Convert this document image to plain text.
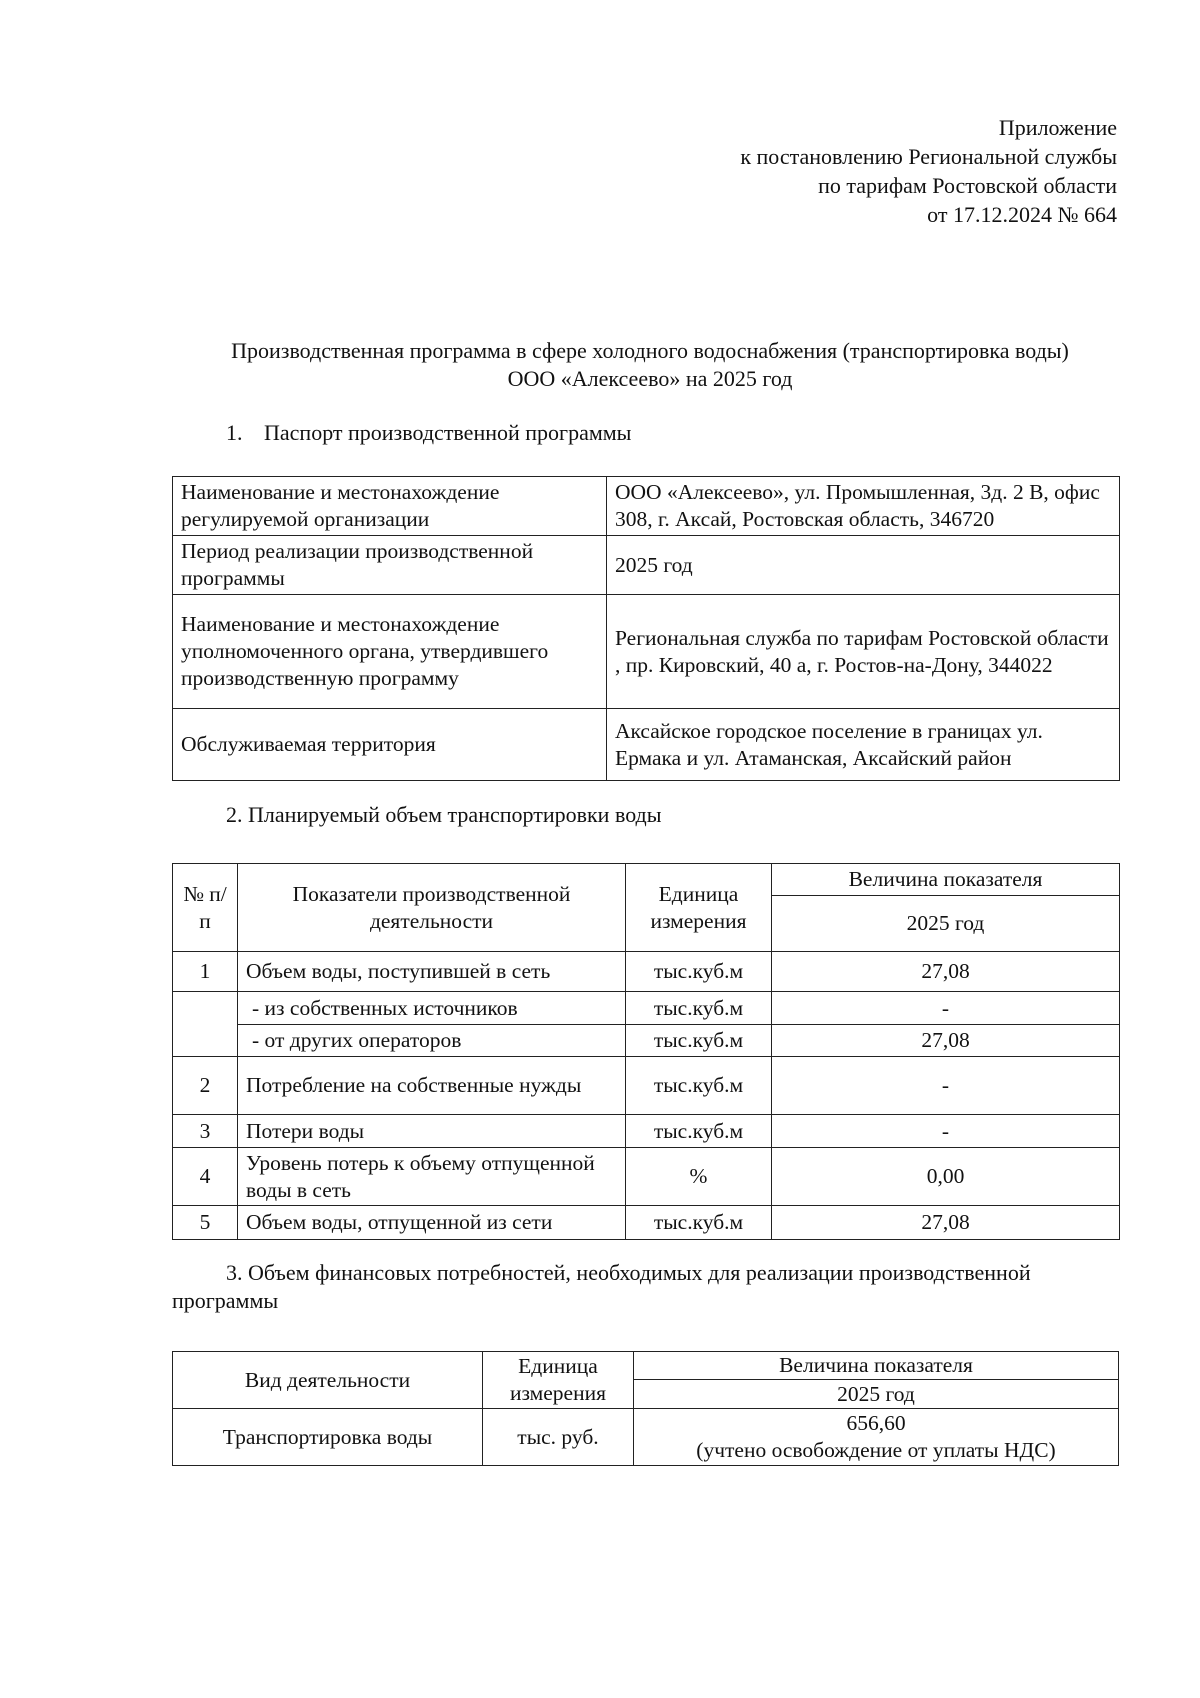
Приложение
к постановлению Региональной службы
по тарифам Ростовской области
от 17.12.2024 № 664
Производственная программа в сфере холодного водоснабжения (транспортировка воды)
ООО «Алексеево» на 2025 год
1. Паспорт производственной программы
Наименование и местонахождение регулируемой организации	ООО «Алексеево», ул. Промышленная, 3д. 2 В, офис 308, г. Аксай, Ростовская область, 346720
Период реализации производственной программы	2025 год
Наименование и местонахождение уполномоченного органа, утвердившего производственную программу	Региональная служба по тарифам Ростовской области , пр. Кировский, 40 а, г. Ростов-на-Дону, 344022
Обслуживаемая территория	Аксайское городское поселение в границах ул. Ермака и ул. Атаманская, Аксайский район
2. Планируемый объем транспортировки воды
№ п/п	Показатели производственной деятельности	Единица измерения	Величина показателя
			2025 год
1	Объем воды, поступившей в сеть	тыс.куб.м	27,08
	- из собственных источников	тыс.куб.м	-
	- от других операторов	тыс.куб.м	27,08
2	Потребление на собственные нужды	тыс.куб.м	-
3	Потери воды	тыс.куб.м	-
4	Уровень потерь к объему отпущенной воды в сеть	%	0,00
5	Объем воды, отпущенной из сети	тыс.куб.м	27,08
3. Объем финансовых потребностей, необходимых для реализации производственной программы
Вид деятельности	Единица измерения	Величина показателя
		2025 год
Транспортировка воды	тыс. руб.	656,60
(учтено освобождение от уплаты НДС)
